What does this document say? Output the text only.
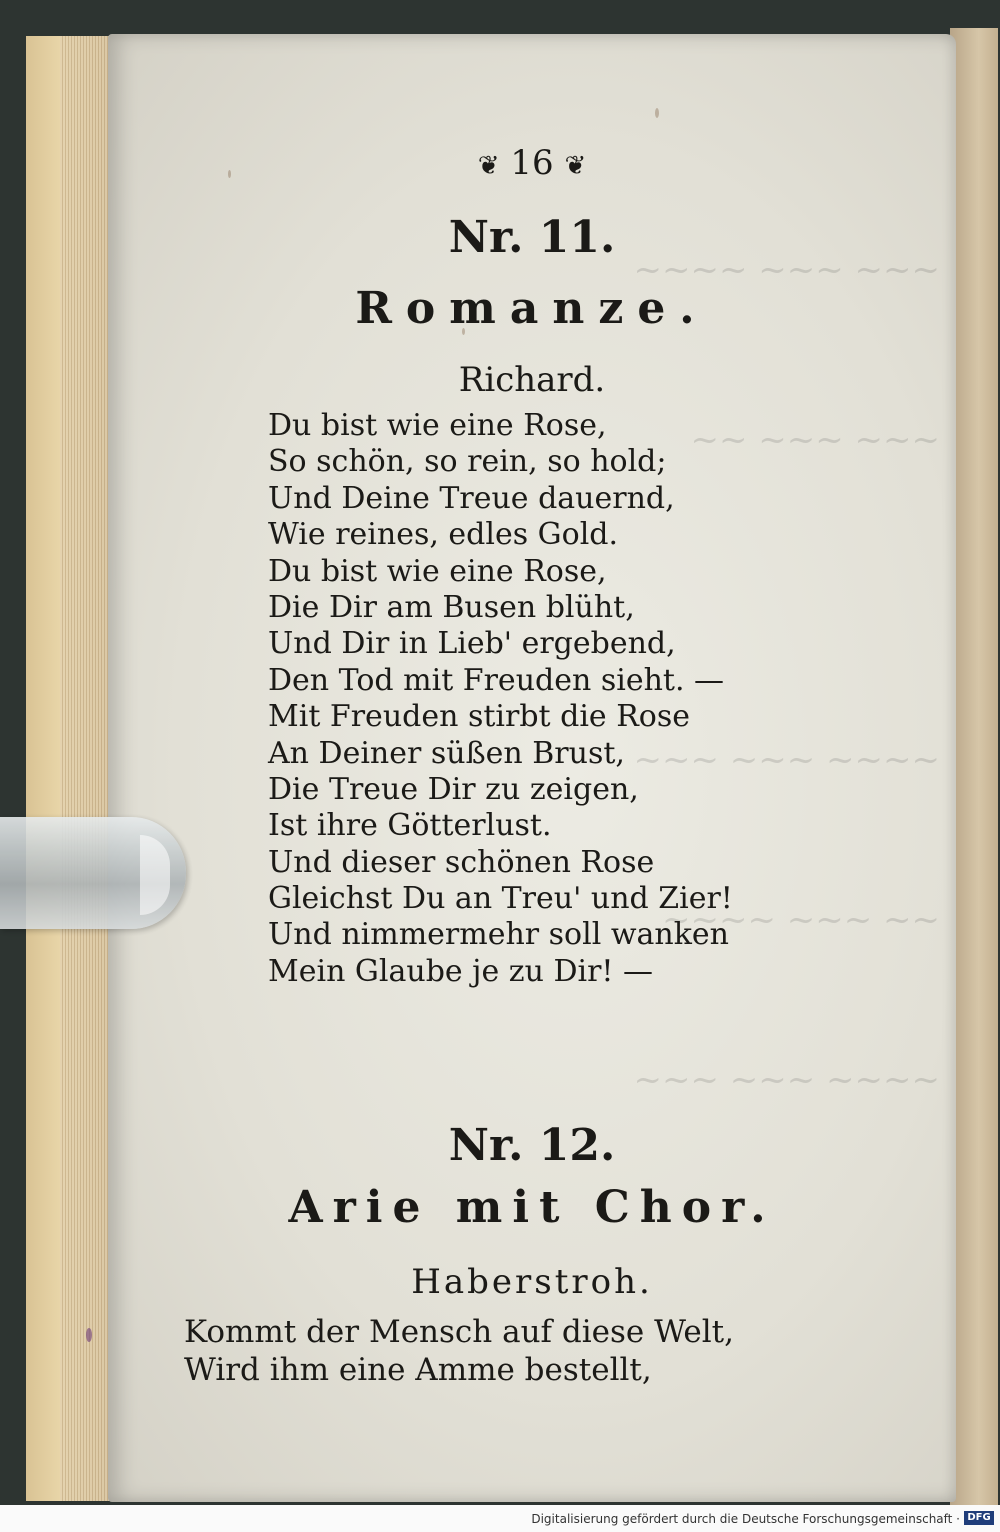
~~~~ ~~~ ~~~
~~ ~~~ ~~~
~~~ ~~~ ~~~~
~~~~ ~~~ ~~
~~~ ~~~ ~~~~
❦ 16 ❦
Nr. 11.
Romanze.
Richard.
Du bist wie eine Rose,
So schön, so rein, so hold;
Und Deine Treue dauernd,
Wie reines, edles Gold.
Du bist wie eine Rose,
Die Dir am Busen blüht,
Und Dir in Lieb' ergebend,
Den Tod mit Freuden sieht. —
Mit Freuden stirbt die Rose
An Deiner süßen Brust,
Die Treue Dir zu zeigen,
Ist ihre Götterlust.
Und dieser schönen Rose
Gleichst Du an Treu' und Zier!
Und nimmermehr soll wanken
Mein Glaube je zu Dir! —
Nr. 12.
Arie mit Chor.
Haberstroh.
Kommt der Mensch auf diese Welt,
Wird ihm eine Amme bestellt,
Digitalisierung gefördert durch die Deutsche Forschungsgemeinschaft · DFG
